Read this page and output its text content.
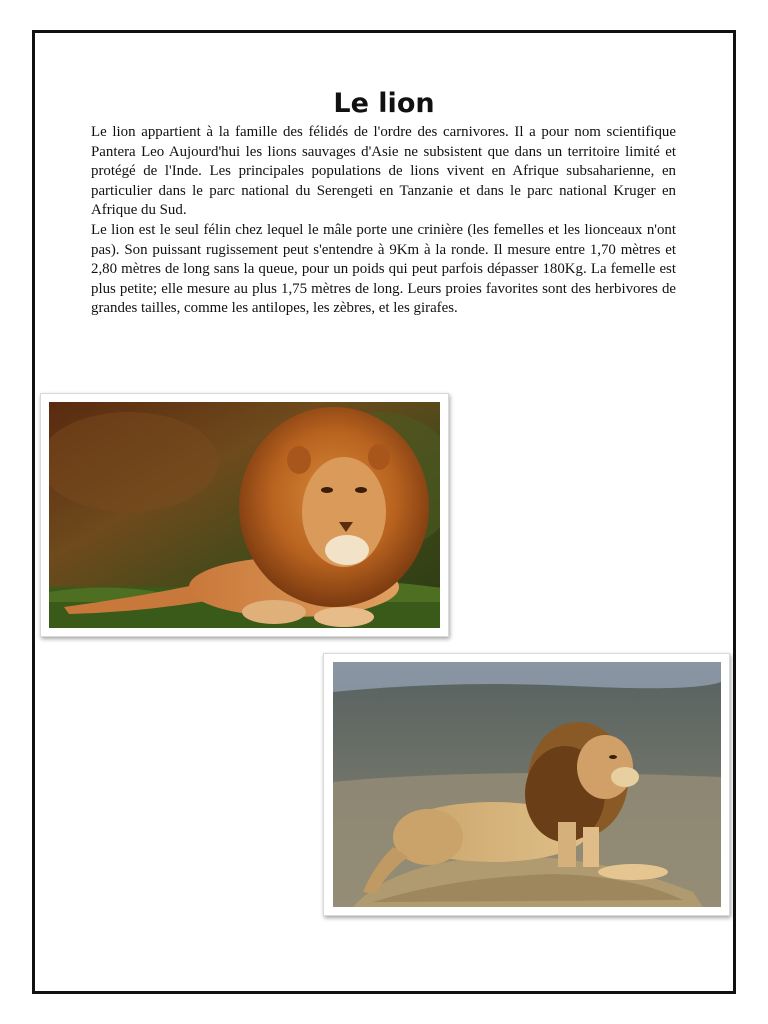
Le lion

Le lion appartient à la famille des félidés de l'ordre des carnivores. Il a pour nom scientifique Pantera Leo Aujourd'hui les lions sauvages d'Asie ne subsistent que dans un territoire limité et protégé de l'Inde. Les principales populations de lions vivent en Afrique subsaharienne, en particulier dans le parc national du Serengeti en Tanzanie et dans le parc national Kruger en Afrique du Sud.

Le lion est le seul félin chez lequel le mâle porte une crinière (les femelles et les lionceaux n'ont pas). Son puissant rugissement peut s'entendre à 9Km à la ronde. Il mesure entre 1,70 mètres et 2,80 mètres de long sans la queue, pour un poids qui peut parfois dépasser 180Kg. La femelle est plus petite; elle mesure au plus 1,75 mètres de long. Leurs proies favorites sont des herbivores de grandes tailles, comme les antilopes, les zèbres, et les girafes.
